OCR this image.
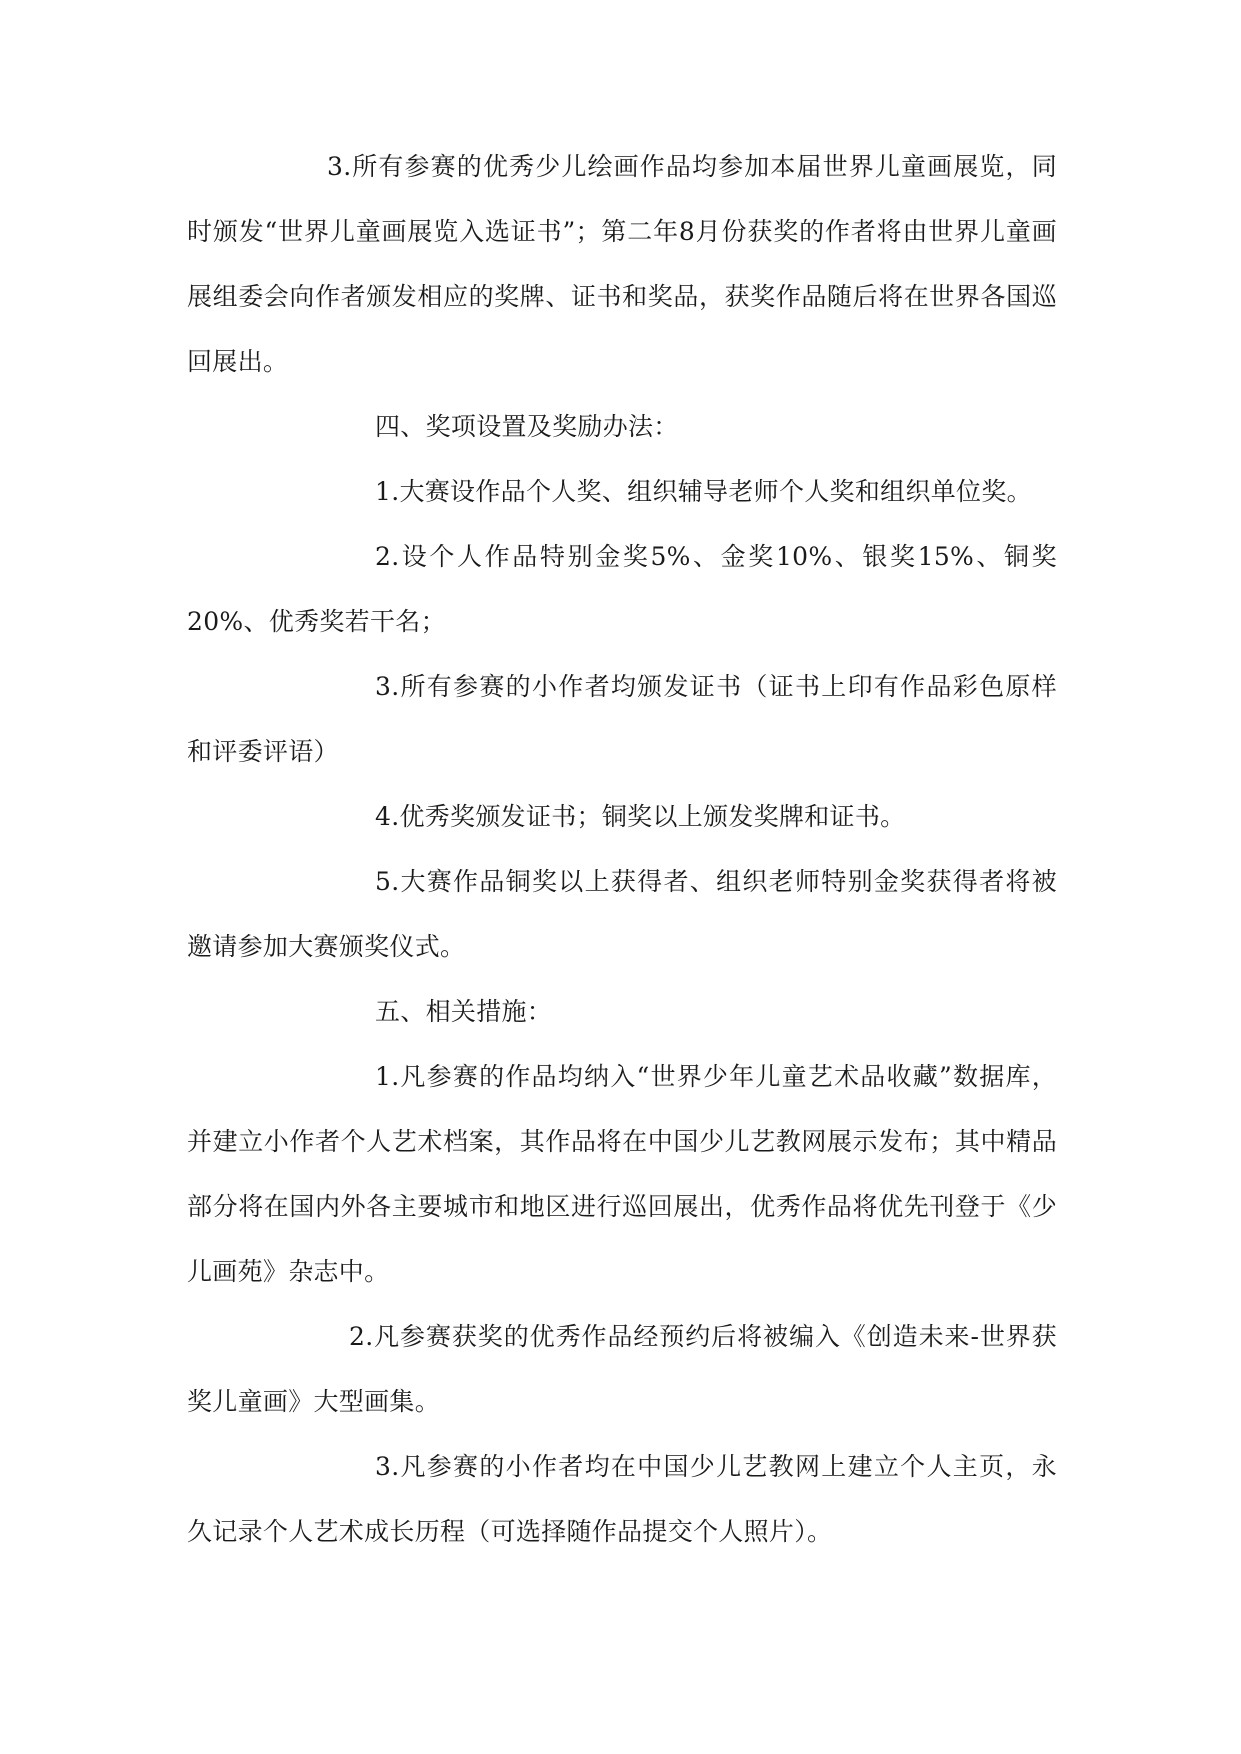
3.所有参赛的优秀少儿绘画作品均参加本届世界儿童画展览，同时颁发“世界儿童画展览入选证书”；第二年8月份获奖的作者将由世界儿童画展组委会向作者颁发相应的奖牌、证书和奖品，获奖作品随后将在世界各国巡回展出。

四、奖项设置及奖励办法：

1.大赛设作品个人奖、组织辅导老师个人奖和组织单位奖。

2.设个人作品特别金奖5%、金奖10%、银奖15%、铜奖20%、优秀奖若干名；

3.所有参赛的小作者均颁发证书（证书上印有作品彩色原样和评委评语）

4.优秀奖颁发证书；铜奖以上颁发奖牌和证书。

5.大赛作品铜奖以上获得者、组织老师特别金奖获得者将被邀请参加大赛颁奖仪式。

五、相关措施：

1.凡参赛的作品均纳入“世界少年儿童艺术品收藏”数据库，并建立小作者个人艺术档案，其作品将在中国少儿艺教网展示发布；其中精品部分将在国内外各主要城市和地区进行巡回展出，优秀作品将优先刊登于《少儿画苑》杂志中。

2.凡参赛获奖的优秀作品经预约后将被编入《创造未来-世界获奖儿童画》大型画集。

3.凡参赛的小作者均在中国少儿艺教网上建立个人主页，永久记录个人艺术成长历程（可选择随作品提交个人照片）。
